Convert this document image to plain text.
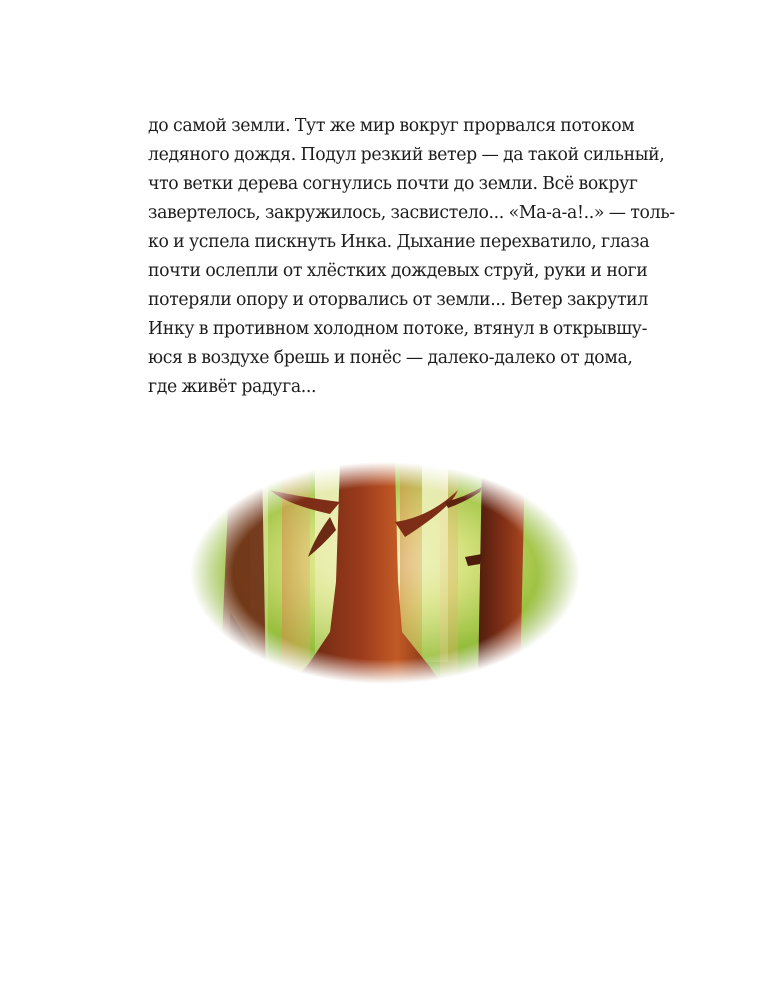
до самой земли. Тут же мир вокруг прорвался потоком
ледяного дождя. Подул резкий ветер — да такой сильный,
что ветки дерева согнулись почти до земли. Всё вокруг
завертелось, закружилось, засвистело... «Ма-а-а!..» — толь-
ко и успела пискнуть Инка. Дыхание перехватило, глаза
почти ослепли от хлёстких дождевых струй, руки и ноги
потеряли опору и оторвались от земли... Ветер закрутил
Инку в противном холодном потоке, втянул в открывшу-
юся в воздухе брешь и понёс — далеко-далеко от дома,
где живёт радуга...
